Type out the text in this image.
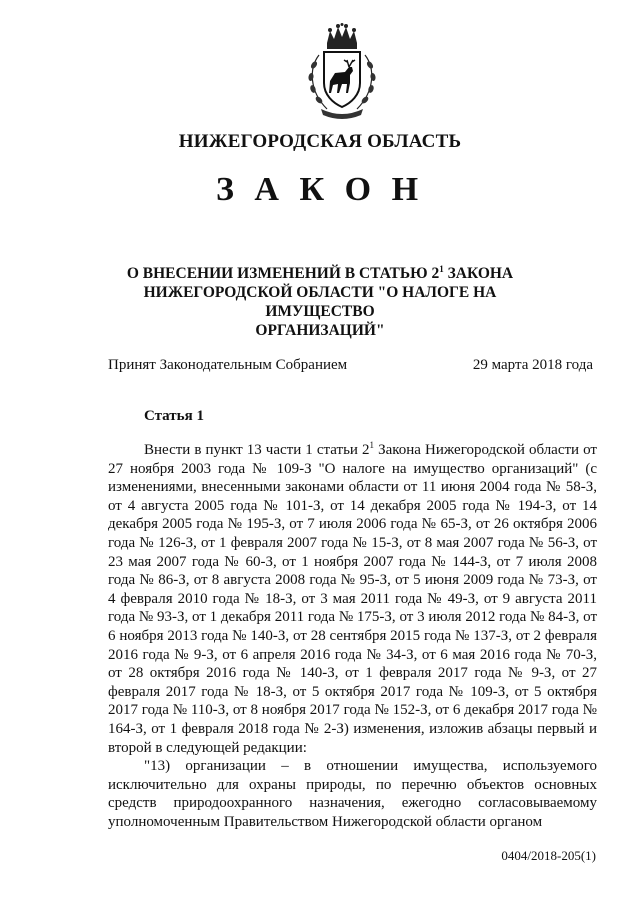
НИЖЕГОРОДСКАЯ ОБЛАСТЬ
З А К О Н
О ВНЕСЕНИИ ИЗМЕНЕНИЙ В СТАТЬЮ $2^1$ ЗАКОНА
НИЖЕГОРОДСКОЙ ОБЛАСТИ "О НАЛОГЕ НА ИМУЩЕСТВО
ОРГАНИЗАЦИЙ"
Принят Законодательным Собранием	29 марта 2018 года
Статья 1

Внести в пункт 13 части 1 статьи $2^1$ Закона Нижегородской области от 27 ноября 2003 года № 109-З "О налоге на имущество организаций" (с изменениями, внесенными законами области от 11 июня 2004 года № 58-З, от 4 августа 2005 года № 101-З, от 14 декабря 2005 года № 194-З, от 14 декабря 2005 года № 195-З, от 7 июля 2006 года № 65-З, от 26 октября 2006 года № 126-З, от 1 февраля 2007 года № 15-З, от 8 мая 2007 года № 56-З, от 23 мая 2007 года № 60-З, от 1 ноября 2007 года № 144-З, от 7 июля 2008 года № 86-З, от 8 августа 2008 года № 95-З, от 5 июня 2009 года № 73-З, от 4 февраля 2010 года № 18-З, от 3 мая 2011 года № 49-З, от 9 августа 2011 года № 93-З, от 1 декабря 2011 года № 175-З, от 3 июля 2012 года № 84-З, от 6 ноября 2013 года № 140-З, от 28 сентября 2015 года № 137-З, от 2 февраля 2016 года № 9-З, от 6 апреля 2016 года № 34-З, от 6 мая 2016 года № 70-З, от 28 октября 2016 года № 140-З, от 1 февраля 2017 года № 9-З, от 27 февраля 2017 года № 18-З, от 5 октября 2017 года № 109-З, от 5 октября 2017 года № 110-З, от 8 ноября 2017 года № 152-З, от 6 декабря 2017 года № 164-З, от 1 февраля 2018 года № 2-З) изменения, изложив абзацы первый и второй в следующей редакции:

"13) организации – в отношении имущества, используемого исключительно для охраны природы, по перечню объектов основных средств природоохранного назначения, ежегодно согласовываемому уполномоченным Правительством Нижегородской области органом

0404/2018-205(1)
